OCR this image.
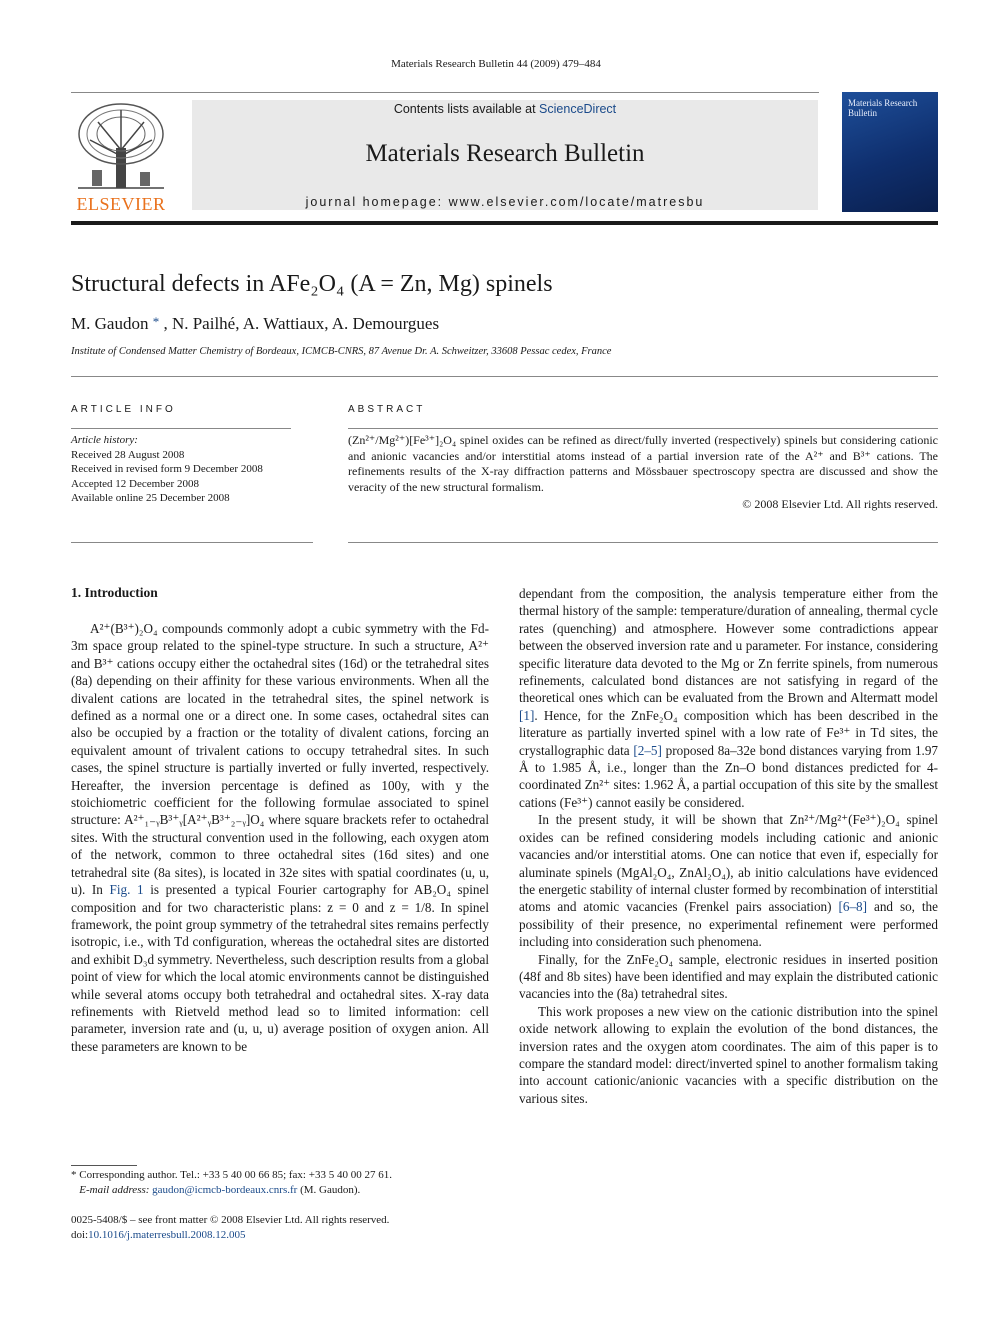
Materials Research Bulletin 44 (2009) 479–484
ELSEVIER
Contents lists available at ScienceDirect
Materials Research Bulletin
journal homepage: www.elsevier.com/locate/matresbu
Materials Research Bulletin
Structural defects in AFe₂O₄ (A = Zn, Mg) spinels
M. Gaudon * , N. Pailhé, A. Wattiaux, A. Demourgues
Institute of Condensed Matter Chemistry of Bordeaux, ICMCB-CNRS, 87 Avenue Dr. A. Schweitzer, 33608 Pessac cedex, France
ARTICLE INFO	ABSTRACT
Article history:
Received 28 August 2008
Received in revised form 9 December 2008
Accepted 12 December 2008
Available online 25 December 2008
(Zn²⁺/Mg²⁺)[Fe³⁺]₂O₄ spinel oxides can be refined as direct/fully inverted (respectively) spinels but considering cationic and anionic vacancies and/or interstitial atoms instead of a partial inversion rate of the A²⁺ and B³⁺ cations. The refinements results of the X-ray diffraction patterns and Mössbauer spectroscopy spectra are discussed and show the veracity of the new structural formalism.
© 2008 Elsevier Ltd. All rights reserved.
1. Introduction

A²⁺(B³⁺)₂O₄ compounds commonly adopt a cubic symmetry with the Fd-3m space group related to the spinel-type structure. In such a structure, A²⁺ and B³⁺ cations occupy either the octahedral sites (16d) or the tetrahedral sites (8a) depending on their affinity for these various environments. When all the divalent cations are located in the tetrahedral sites, the spinel network is defined as a normal one or a direct one. In some cases, octahedral sites can also be occupied by a fraction or the totality of divalent cations, forcing an equivalent amount of trivalent cations to occupy tetrahedral sites. In such cases, the spinel structure is partially inverted or fully inverted, respectively. Hereafter, the inversion percentage is defined as 100y, with y the stoichiometric coefficient for the following formulae associated to spinel structure: A²⁺₁₋ᵧB³⁺ᵧ[A²⁺ᵧB³⁺₂₋ᵧ]O₄ where square brackets refer to octahedral sites. With the structural convention used in the following, each oxygen atom of the network, common to three octahedral sites (16d sites) and one tetrahedral site (8a sites), is located in 32e sites with spatial coordinates (u, u, u). In Fig. 1 is presented a typical Fourier cartography for AB₂O₄ spinel composition and for two characteristic plans: z = 0 and z = 1/8. In spinel framework, the point group symmetry of the tetrahedral sites remains perfectly isotropic, i.e., with Td configuration, whereas the octahedral sites are distorted and exhibit D₃d symmetry. Nevertheless, such description results from a global point of view for which the local atomic environments cannot be distinguished while several atoms occupy both tetrahedral and octahedral sites. X-ray data refinements with Rietveld method lead so to limited information: cell parameter, inversion rate and (u, u, u) average position of oxygen anion. All these parameters are known to be

dependant from the composition, the analysis temperature either from the thermal history of the sample: temperature/duration of annealing, thermal cycle rates (quenching) and atmosphere. However some contradictions appear between the observed inversion rate and u parameter. For instance, considering specific literature data devoted to the Mg or Zn ferrite spinels, from numerous refinements, calculated bond distances are not satisfying in regard of the theoretical ones which can be evaluated from the Brown and Altermatt model [1]. Hence, for the ZnFe₂O₄ composition which has been described in the literature as partially inverted spinel with a low rate of Fe³⁺ in Td sites, the crystallographic data [2–5] proposed 8a–32e bond distances varying from 1.97 Å to 1.985 Å, i.e., longer than the Zn–O bond distances predicted for 4-coordinated Zn²⁺ sites: 1.962 Å, a partial occupation of this site by the smallest cations (Fe³⁺) cannot easily be considered.

In the present study, it will be shown that Zn²⁺/Mg²⁺(Fe³⁺)₂O₄ spinel oxides can be refined considering models including cationic and anionic vacancies and/or interstitial atoms. One can notice that even if, especially for aluminate spinels (MgAl₂O₄, ZnAl₂O₄), ab initio calculations have evidenced the energetic stability of internal cluster formed by recombination of interstitial atoms and atomic vacancies (Frenkel pairs association) [6–8] and so, the possibility of their presence, no experimental refinement were performed including into consideration such phenomena.

Finally, for the ZnFe₂O₄ sample, electronic residues in inserted position (48f and 8b sites) have been identified and may explain the distributed cationic vacancies into the (8a) tetrahedral sites.

This work proposes a new view on the cationic distribution into the spinel oxide network allowing to explain the evolution of the bond distances, the inversion rates and the oxygen atom coordinates. The aim of this paper is to compare the standard model: direct/inverted spinel to another formalism taking into account cationic/anionic vacancies with a specific distribution on the various sites.

* Corresponding author. Tel.: +33 5 40 00 66 85; fax: +33 5 40 00 27 61.
E-mail address: gaudon@icmcb-bordeaux.cnrs.fr (M. Gaudon).
0025-5408/$ – see front matter © 2008 Elsevier Ltd. All rights reserved.
doi:10.1016/j.materresbull.2008.12.005
